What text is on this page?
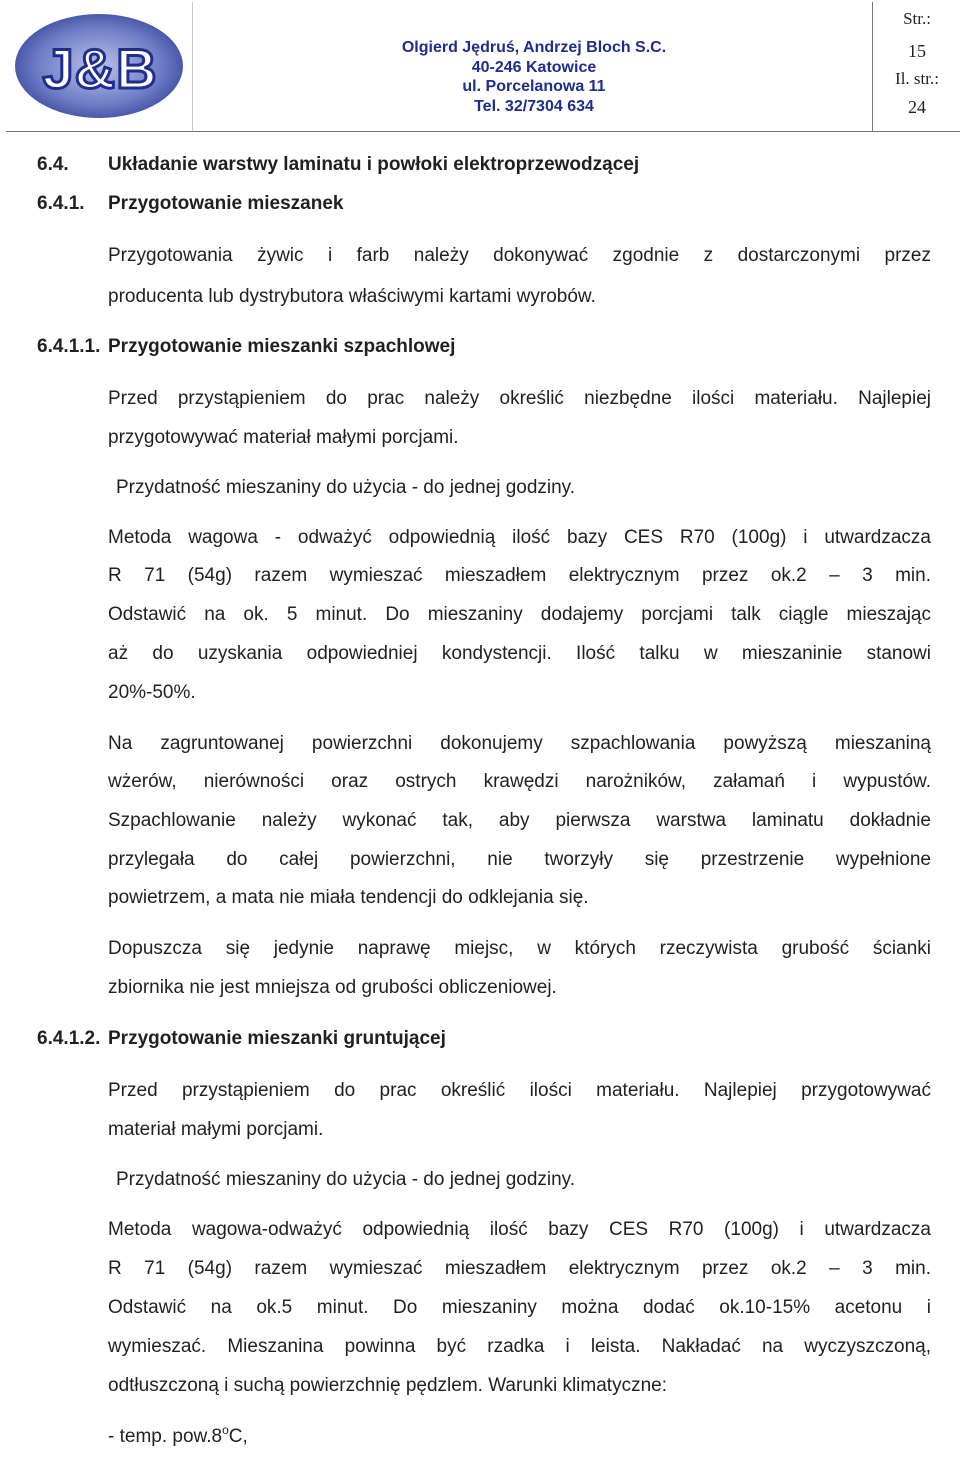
J&B	Olgierd Jędruś, Andrzej Bloch S.C.
40-246 Katowice
ul. Porcelanowa 11
Tel. 32/7304 634
Str.:
15
Il. str.:
24
6.4. Układanie warstwy laminatu i powłoki elektroprzewodzącej
6.4.1. Przygotowanie mieszanek
Przygotowania żywic i farb należy dokonywać zgodnie z dostarczonymi przez
producenta lub dystrybutora właściwymi kartami wyrobów.
6.4.1.1. Przygotowanie mieszanki szpachlowej
Przed przystąpieniem do prac należy określić niezbędne ilości materiału. Najlepiej
przygotowywać materiał małymi porcjami.
Przydatność mieszaniny do użycia - do jednej godziny.
Metoda wagowa - odważyć odpowiednią ilość bazy CES R70 (100g) i utwardzacza
R 71 (54g) razem wymieszać mieszadłem elektrycznym przez ok.2 – 3 min.
Odstawić na ok. 5 minut. Do mieszaniny dodajemy porcjami talk ciągle mieszając
aż do uzyskania odpowiedniej kondystencji. Ilość talku w mieszaninie stanowi
20%-50%.
Na zagruntowanej powierzchni dokonujemy szpachlowania powyższą mieszaniną
wżerów, nierówności oraz ostrych krawędzi narożników, załamań i wypustów.
Szpachlowanie należy wykonać tak, aby pierwsza warstwa laminatu dokładnie
przylegała do całej powierzchni, nie tworzyły się przestrzenie wypełnione
powietrzem, a mata nie miała tendencji do odklejania się.
Dopuszcza się jedynie naprawę miejsc, w których rzeczywista grubość ścianki
zbiornika nie jest mniejsza od grubości obliczeniowej.
6.4.1.2. Przygotowanie mieszanki gruntującej
Przed przystąpieniem do prac określić ilości materiału. Najlepiej przygotowywać
materiał małymi porcjami.
Przydatność mieszaniny do użycia - do jednej godziny.
Metoda wagowa-odważyć odpowiednią ilość bazy CES R70 (100g) i utwardzacza
R 71 (54g) razem wymieszać mieszadłem elektrycznym przez ok.2 – 3 min.
Odstawić na ok.5 minut. Do mieszaniny można dodać ok.10-15% acetonu i
wymieszać. Mieszanina powinna być rzadka i leista. Nakładać na wyczyszczoną,
odtłuszczoną i suchą powierzchnię pędzlem. Warunki klimatyczne:
- temp. pow.8$^o$C,
